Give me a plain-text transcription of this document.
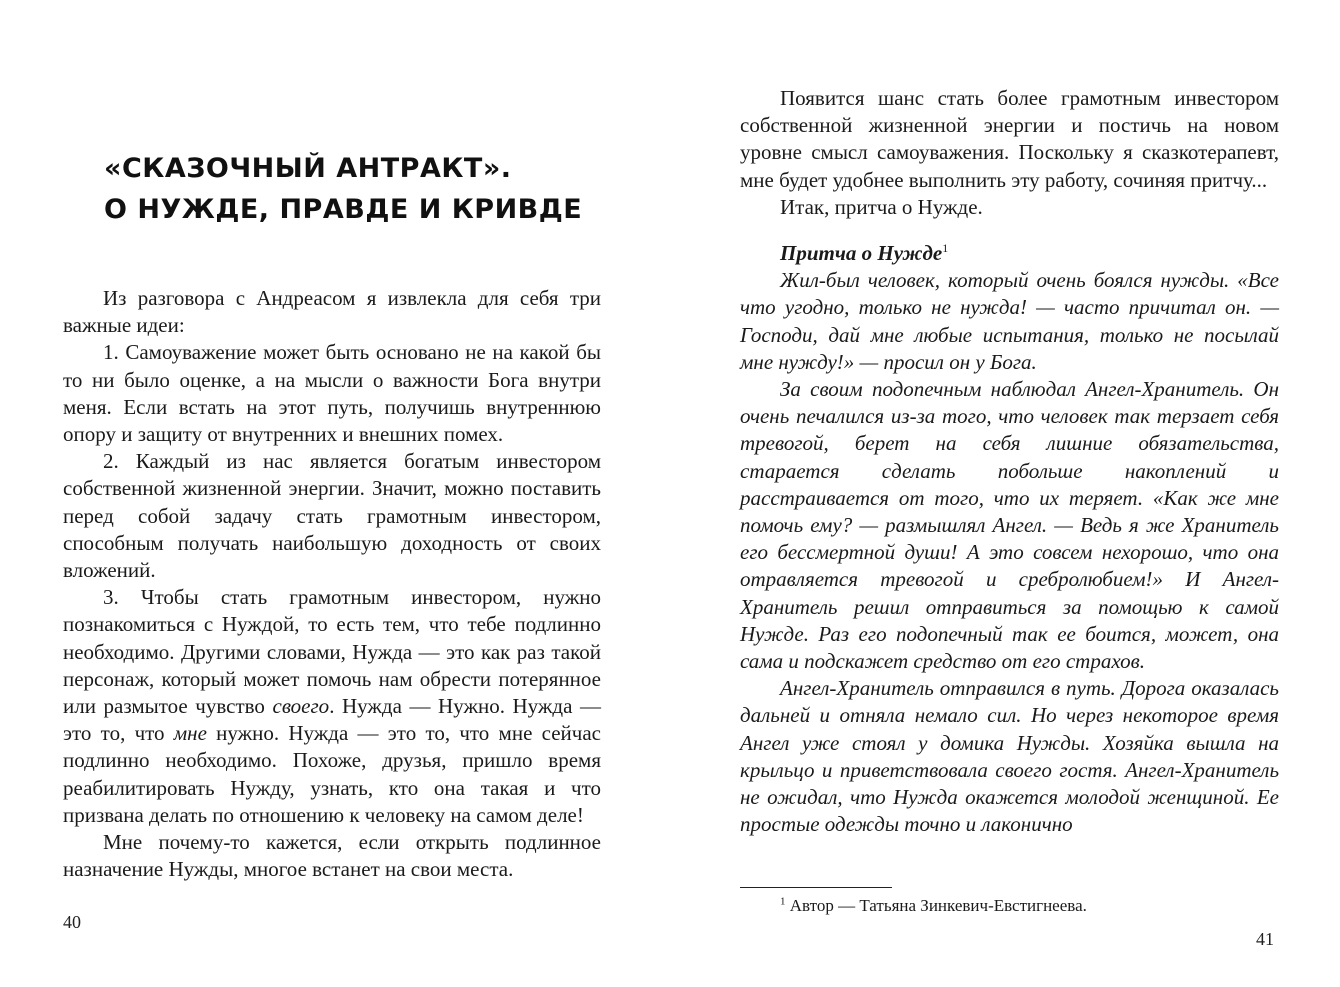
«СКАЗОЧНЫЙ АНТРАКТ».
О НУЖДЕ, ПРАВДЕ И КРИВДЕ

Из разговора с Андреасом я извлекла для себя три важные идеи:

1. Самоуважение может быть основано не на какой бы то ни было оценке, а на мысли о важности Бога внутри меня. Если встать на этот путь, получишь внутреннюю опору и защиту от внутренних и внешних помех.

2. Каждый из нас является богатым инвестором собственной жизненной энергии. Значит, можно поставить перед собой задачу стать грамотным инвестором, способным получать наибольшую доходность от своих вложений.

3. Чтобы стать грамотным инвестором, нужно познакомиться с Нуждой, то есть тем, что тебе подлинно необходимо. Другими словами, Нужда — это как раз такой персонаж, который может помочь нам обрести потерянное или размытое чувство своего. Нужда — Нужно. Нужда — это то, что мне нужно. Нужда — это то, что мне сейчас подлинно необходимо. Похоже, друзья, пришло время реабилитировать Нужду, узнать, кто она такая и что призвана делать по отношению к человеку на самом деле!

Мне почему-то кажется, если открыть подлинное назначение Нужды, многое встанет на свои места.

40

Появится шанс стать более грамотным инвестором собственной жизненной энергии и постичь на новом уровне смысл самоуважения. Поскольку я сказкотерапевт, мне будет удобнее выполнить эту работу, сочиняя притчу...

Итак, притча о Нужде.

Притча о Нужде$^1$

Жил-был человек, который очень боялся нужды. «Все что угодно, только не нужда! — часто причитал он. — Господи, дай мне любые испытания, только не посылай мне нужду!» — просил он у Бога.

За своим подопечным наблюдал Ангел-Хранитель. Он очень печалился из-за того, что человек так терзает себя тревогой, берет на себя лишние обязательства, старается сделать побольше накоплений и расстраивается от того, что их теряет. «Как же мне помочь ему? — размышлял Ангел. — Ведь я же Хранитель его бессмертной души! А это совсем нехорошо, что она отравляется тревогой и сребролюбием!» И Ангел-Хранитель решил отправиться за помощью к самой Нужде. Раз его подопечный так ее боится, может, она сама и подскажет средство от его страхов.

Ангел-Хранитель отправился в путь. Дорога оказалась дальней и отняла немало сил. Но через некоторое время Ангел уже стоял у домика Нужды. Хозяйка вышла на крыльцо и приветствовала своего гостя. Ангел-Хранитель не ожидал, что Нужда окажется молодой женщиной. Ее простые одежды точно и лаконично

$^1$ Автор — Татьяна Зинкевич-Евстигнеева.
41
